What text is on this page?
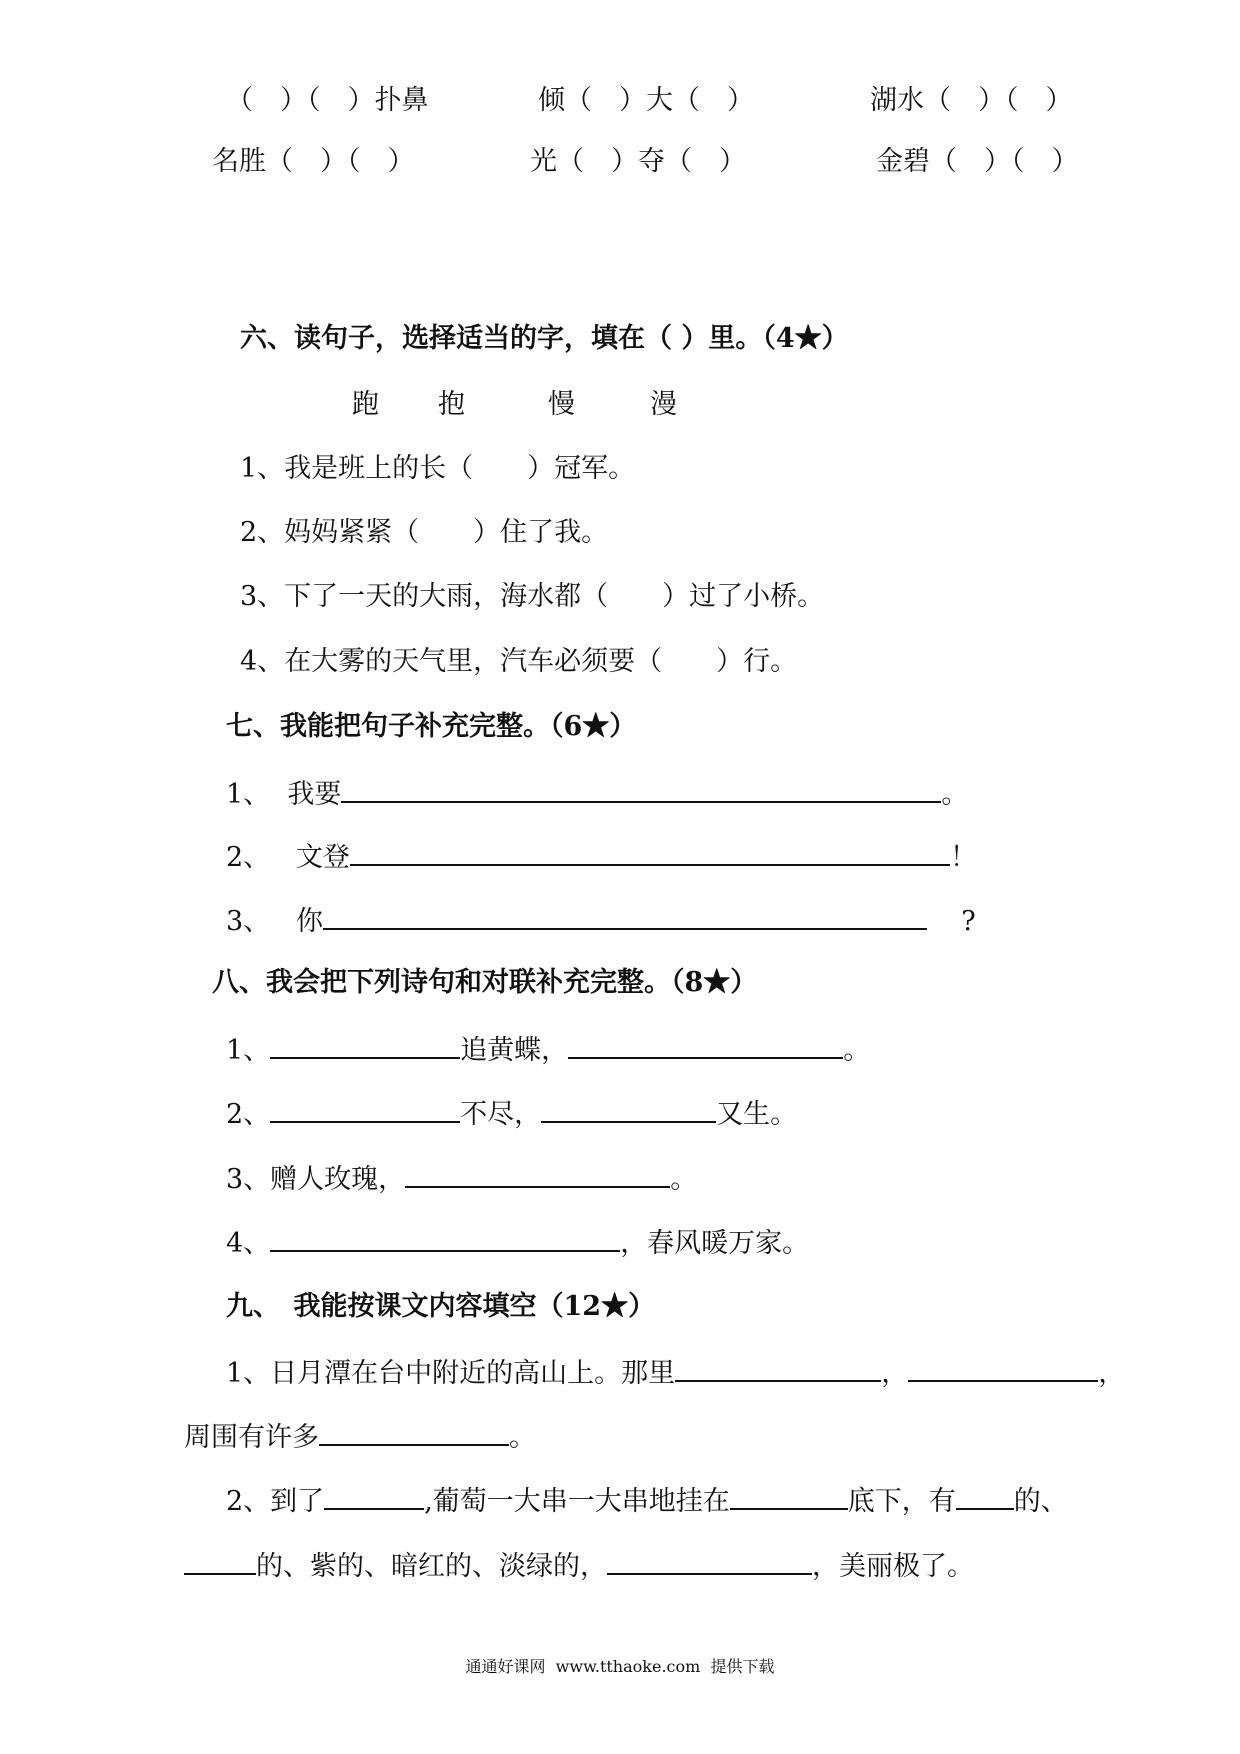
（　）（　）扑鼻	倾（　）大（　）	湖水（　）（　）
名胜（　）（　）	光（　）夺（　）	金碧（　）（　）
六、读句子，选择适当的字，填在（ ）里。（4★）
跑 抱	慢	漫
1、我是班上的长（　　）冠军。
2、妈妈紧紧（　　）住了我。
3、下了一天的大雨，海水都（　　）过了小桥。
4、在大雾的天气里，汽车必须要（　　）行。
七、我能把句子补充完整。（6★）
1、 我要	。
2、 文登	！
3、 你	?
八、我会把下列诗句和对联补充完整。（8★）
1、	追黄蝶，	。
2、	不尽，	又生。
3、赠人玫瑰，	。
4、	，春风暖万家。
九、　我能按课文内容填空（12★）
1、日月潭在台中附近的高山上。那里	，	，
周围有许多	。
2、到了	,葡萄一大串一大串地挂在	底下，有 的、
的、紫的、暗红的、淡绿的，	，美丽极了。
通通好课网  www.tthaoke.com  提供下载
